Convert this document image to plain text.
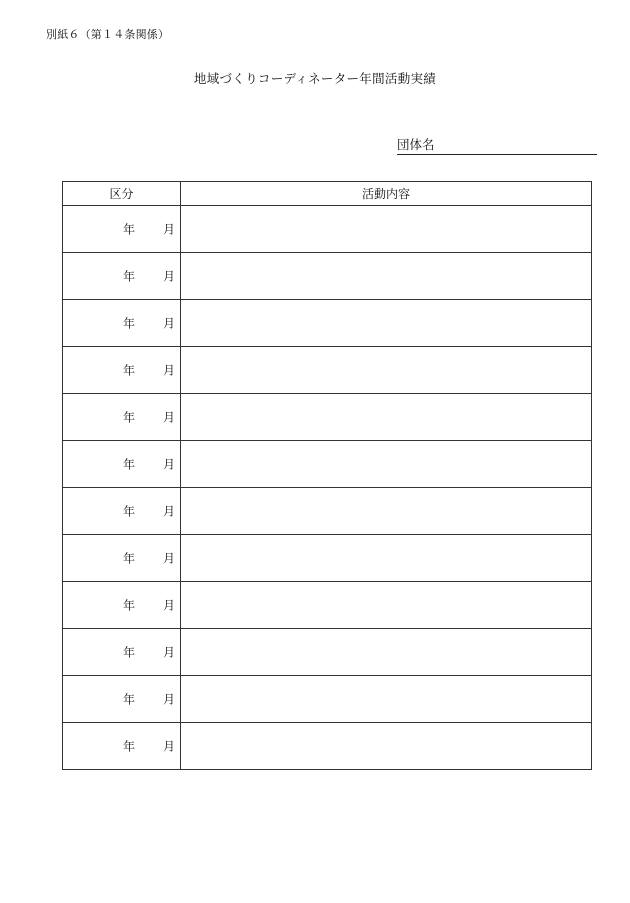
別紙６（第１４条関係）
地域づくりコーディネーター年間活動実績
団体名
区分	活動内容

年 月	

年 月	

年 月	

年 月	

年 月	

年 月	

年 月	

年 月	

年 月	

年 月	

年 月	

年 月	
